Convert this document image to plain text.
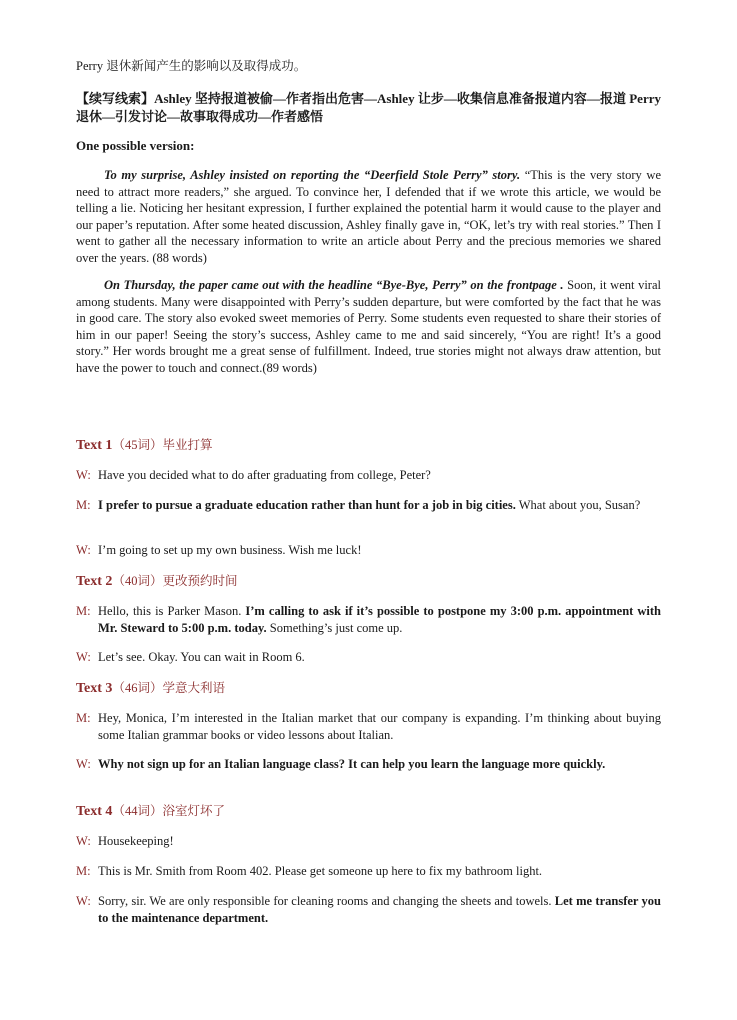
Perry 退休新闻产生的影响以及取得成功。

【续写线索】Ashley 坚持报道被偷—作者指出危害—Ashley 让步—收集信息准备报道内容—报道 Perry 退休—引发讨论—故事取得成功—作者感悟

One possible version:

To my surprise, Ashley insisted on reporting the “Deerfield Stole Perry” story. “This is the very story we need to attract more readers,” she argued. To convince her, I defended that if we wrote this article, we would be telling a lie. Noticing her hesitant expression, I further explained the potential harm it would cause to the player and our paper’s reputation. After some heated discussion, Ashley finally gave in, “OK, let’s try with real stories.” Then I went to gather all the necessary information to write an article about Perry and the precious memories we shared over the years. (88 words)

On Thursday, the paper came out with the headline “Bye-Bye, Perry” on the frontpage . Soon, it went viral among students. Many were disappointed with Perry’s sudden departure, but were comforted by the fact that he was in good care. The story also evoked sweet memories of Perry. Some students even requested to share their stories of him in our paper! Seeing the story’s success, Ashley came to me and said sincerely, “You are right! It’s a good story.” Her words brought me a great sense of fulfillment. Indeed, true stories might not always draw attention, but have the power to touch and connect.(89 words)

Text 1（45词）毕业打算
W: Have you decided what to do after graduating from college, Peter?
M: I prefer to pursue a graduate education rather than hunt for a job in big cities. What about you, Susan?
W: I’m going to set up my own business. Wish me luck!
Text 2（40词）更改预约时间
M: Hello, this is Parker Mason. I’m calling to ask if it’s possible to postpone my 3:00 p.m. appointment with Mr. Steward to 5:00 p.m. today. Something’s just come up.
W: Let’s see. Okay. You can wait in Room 6.
Text 3（46词）学意大利语
M: Hey, Monica, I’m interested in the Italian market that our company is expanding. I’m thinking about buying some Italian grammar books or video lessons about Italian.
W: Why not sign up for an Italian language class? It can help you learn the language more quickly.
Text 4（44词）浴室灯坏了
W: Housekeeping!
M: This is Mr. Smith from Room 402. Please get someone up here to fix my bathroom light.
W: Sorry, sir. We are only responsible for cleaning rooms and changing the sheets and towels. Let me transfer you to the maintenance department.
